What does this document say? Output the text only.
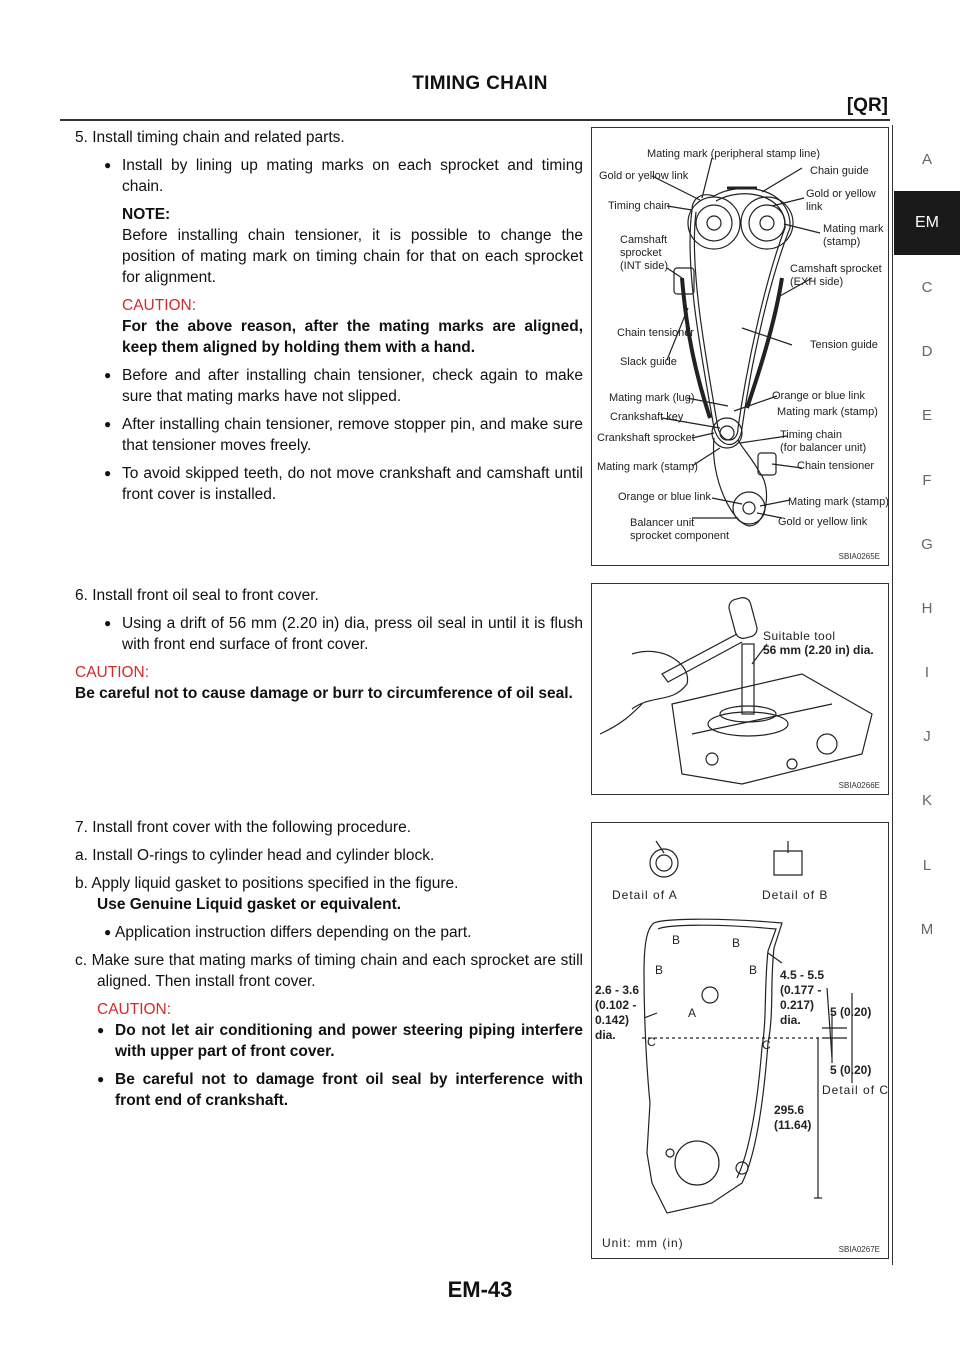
TIMING CHAIN
[QR]
A
EM
C
D
E
F
G
H
I
J
K
L
M

5. Install timing chain and related parts.

● Install by lining up mating marks on each sprocket and timing chain.

NOTE:

Before installing chain tensioner, it is possible to change the position of mating mark on timing chain for that on each sprocket for alignment.

CAUTION:

For the above reason, after the mating marks are aligned, keep them aligned by holding them with a hand.

● Before and after installing chain tensioner, check again to make sure that mating marks have not slipped.

● After installing chain tensioner, remove stopper pin, and make sure that tensioner moves freely.

● To avoid skipped teeth, do not move crankshaft and camshaft until front cover is installed.

6. Install front oil seal to front cover.

● Using a drift of 56 mm (2.20 in) dia, press oil seal in until it is flush with front end surface of front cover.

CAUTION:

Be careful not to cause damage or burr to circumference of oil seal.

7. Install front cover with the following procedure.

a. Install O-rings to cylinder head and cylinder block.

b. Apply liquid gasket to positions specified in the figure.

Use Genuine Liquid gasket or equivalent.

● Application instruction differs depending on the part.

c. Make sure that mating marks of timing chain and each sprocket are still aligned. Then install front cover.

CAUTION:

● Do not let air conditioning and power steering piping interfere with upper part of front cover.

● Be careful not to damage front oil seal by interference with front end of crankshaft.

Mating mark (peripheral stamp line)
Chain guide
Gold or yellow link
Gold or yellow
link
Timing chain
Mating mark
(stamp)
Camshaft
sprocket
(INT side)	Camshaft sprocket
(EXH side)
Chain tensioner
Tension guide
Slack guide
Orange or blue link
Mating mark (lug)
Mating mark (stamp)
Crankshaft key
Timing chain
(for balancer unit)
Crankshaft sprocket
Mating mark (stamp)	Chain tensioner
Orange or blue link	Mating mark (stamp)
Balancer unit
sprocket component
Gold or yellow link
SBIA0265E
Suitable tool
56 mm (2.20 in) dia.
SBIA0266E
Detail of A	Detail of B
B	B
B	B
A
C	C
2.6 - 3.6
(0.102 -
0.142)
dia.
4.5 - 5.5
(0.177 -
0.217)
dia.
5 (0.20)
5 (0.20)
Detail of C
295.6
(11.64)
Unit: mm (in)	SBIA0267E
EM-43
